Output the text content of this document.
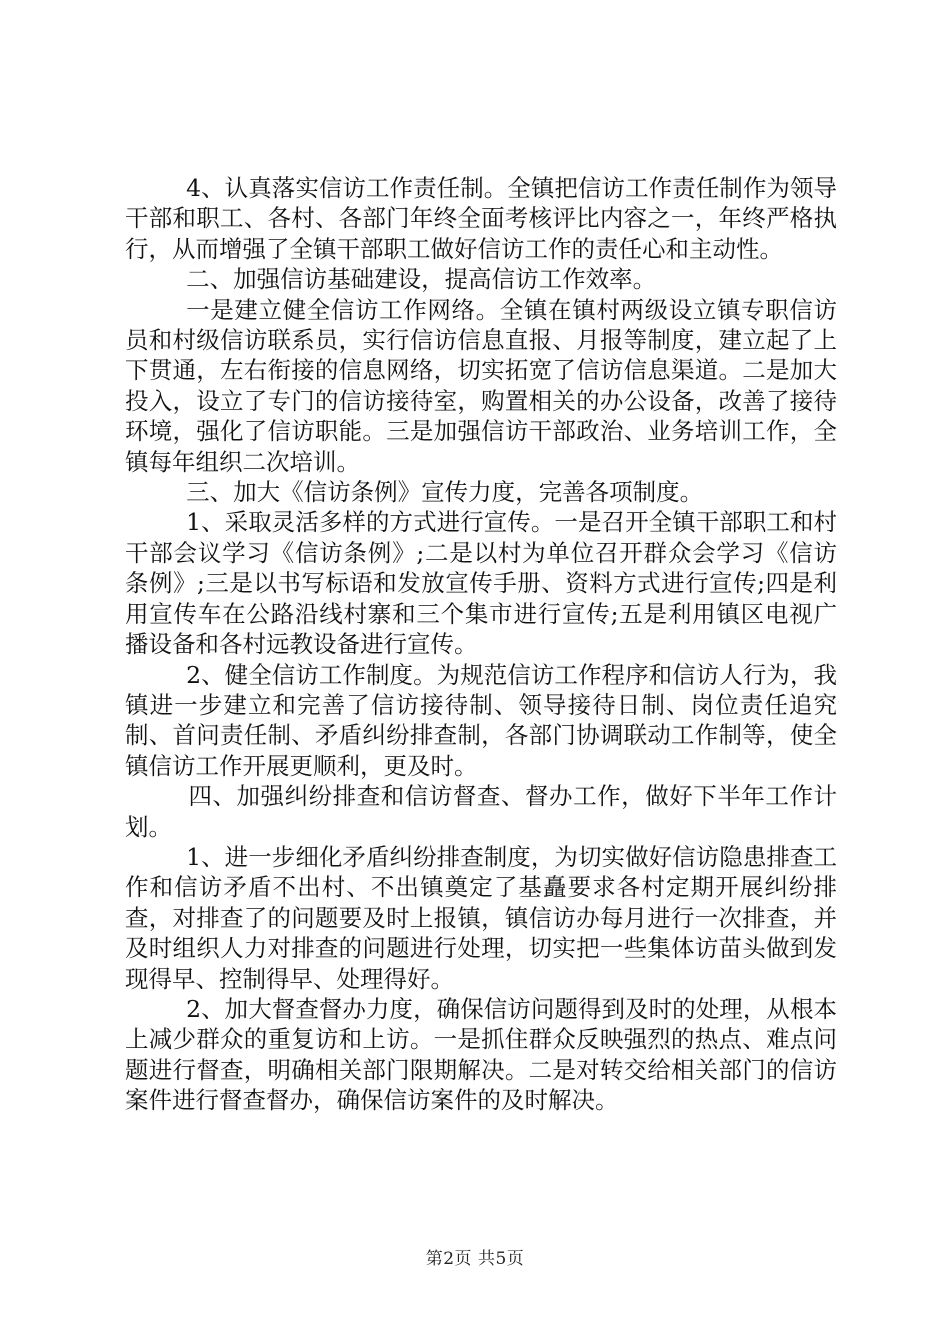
4、认真落实信访工作责任制。全镇把信访工作责任制作为领导干部和职工、各村、各部门年终全面考核评比内容之一，年终严格执行，从而增强了全镇干部职工做好信访工作的责任心和主动性。

二、加强信访基础建设，提高信访工作效率。

一是建立健全信访工作网络。全镇在镇村两级设立镇专职信访员和村级信访联系员，实行信访信息直报、月报等制度，建立起了上下贯通，左右衔接的信息网络，切实拓宽了信访信息渠道。二是加大投入，设立了专门的信访接待室，购置相关的办公设备，改善了接待环境，强化了信访职能。三是加强信访干部政治、业务培训工作，全镇每年组织二次培训。

三、加大《信访条例》宣传力度，完善各项制度。

1、采取灵活多样的方式进行宣传。一是召开全镇干部职工和村干部会议学习《信访条例》;二是以村为单位召开群众会学习《信访条例》;三是以书写标语和发放宣传手册、资料方式进行宣传;四是利用宣传车在公路沿线村寨和三个集市进行宣传;五是利用镇区电视广播设备和各村远教设备进行宣传。

2、健全信访工作制度。为规范信访工作程序和信访人行为，我镇进一步建立和完善了信访接待制、领导接待日制、岗位责任追究制、首问责任制、矛盾纠纷排查制，各部门协调联动工作制等，使全镇信访工作开展更顺利，更及时。

四、加强纠纷排查和信访督查、督办工作，做好下半年工作计划。

1、进一步细化矛盾纠纷排查制度，为切实做好信访隐患排查工作和信访矛盾不出村、不出镇奠定了基矗要求各村定期开展纠纷排查，对排查了的问题要及时上报镇，镇信访办每月进行一次排查，并及时组织人力对排查的问题进行处理，切实把一些集体访苗头做到发现得早、控制得早、处理得好。

2、加大督查督办力度，确保信访问题得到及时的处理，从根本上减少群众的重复访和上访。一是抓住群众反映强烈的热点、难点问题进行督查，明确相关部门限期解决。二是对转交给相关部门的信访案件进行督查督办，确保信访案件的及时解决。

第2页 共5页
